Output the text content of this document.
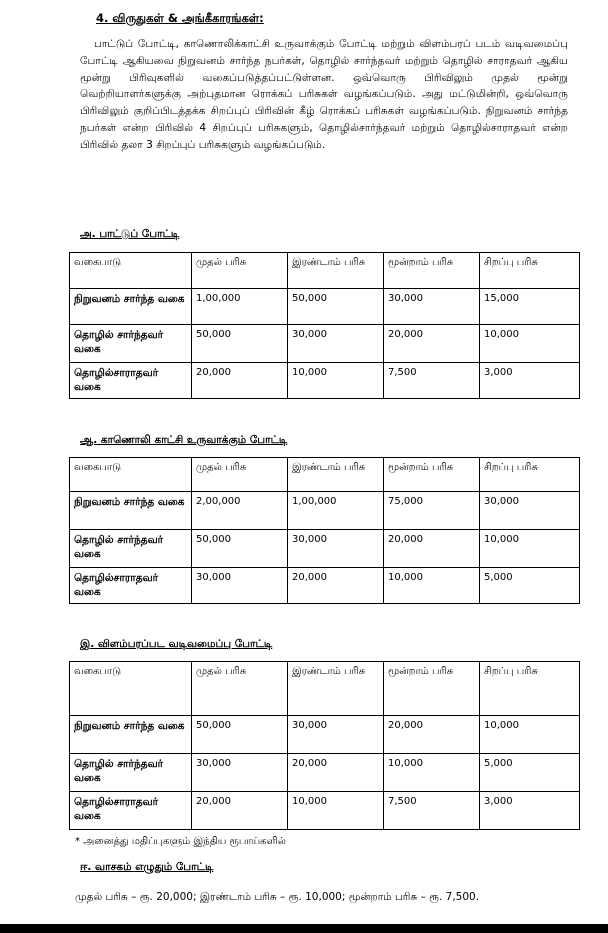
4. விருதுகள் & அங்கீகாரங்கள்:
பாட்டுப் போட்டி, காணொலிக்காட்சி உருவாக்கும் போட்டி மற்றும் விளம்பரப் படம் வடிவமைப்பு போட்டி ஆகியவை நிறுவனம் சார்ந்த நபர்கள், தொழில் சார்ந்தவர் மற்றும் தொழில் சாராதவர் ஆகிய மூன்று பிரிவுகளில் வகைப்படுத்தப்பட்டுள்ளன. ஒவ்வொரு பிரிவிலும் முதல் மூன்று வெற்றியாளர்களுக்கு அற்புதமான ரொக்கப் பரிசுகள் வழங்கப்படும். அது மட்டுமின்றி, ஒவ்வொரு பிரிவிலும் குறிப்பிடத்தக்க சிறப்புப் பிரிவின் கீழ் ரொக்கப் பரிசுகள் வழங்கப்படும். நிறுவனம் சார்ந்த நபர்கள் என்ற பிரிவில் 4 சிறப்புப் பரிசுகளும், தொழில்சார்ந்தவர் மற்றும் தொழில்சாராதவர் என்ற பிரிவில் தலா 3 சிறப்புப் பரிசுகளும் வழங்கப்படும்.
அ. பாட்டுப் போட்டி
வகைபாடு	முதல் பரிசு	இரண்டாம் பரிசு	மூன்றாம் பரிசு	சிறப்பு பரிசு
நிறுவனம் சார்ந்த வகை	1,00,000	50,000	30,000	15,000
தொழில் சார்ந்தவர் வகை	50,000	30,000	20,000	10,000
தொழில்சாராதவர் வகை	20,000	10,000	7,500	3,000
ஆ. காணொலி காட்சி உருவாக்கும் போட்டி
வகைபாடு	முதல் பரிசு	இரண்டாம் பரிசு	மூன்றாம் பரிசு	சிறப்பு பரிசு
நிறுவனம் சார்ந்த வகை	2,00,000	1,00,000	75,000	30,000
தொழில் சார்ந்தவர் வகை	50,000	30,000	20,000	10,000
தொழில்சாராதவர் வகை	30,000	20,000	10,000	5,000
இ. விளம்பரப்பட வடிவமைப்பு போட்டி
வகைபாடு	முதல் பரிசு	இரண்டாம் பரிசு	மூன்றாம் பரிசு	சிறப்பு பரிசு
நிறுவனம் சார்ந்த வகை	50,000	30,000	20,000	10,000
தொழில் சார்ந்தவர் வகை	30,000	20,000	10,000	5,000
தொழில்சாராதவர் வகை	20,000	10,000	7,500	3,000
* அனைத்து மதிப்புகளும் இந்திய ரூபாய்களில்
ஈ. வாசகம் எழுதும் போட்டி
முதல் பரிசு – ரூ. 20,000; இரண்டாம் பரிசு – ரூ. 10,000; மூன்றாம் பரிசு – ரூ. 7,500.
